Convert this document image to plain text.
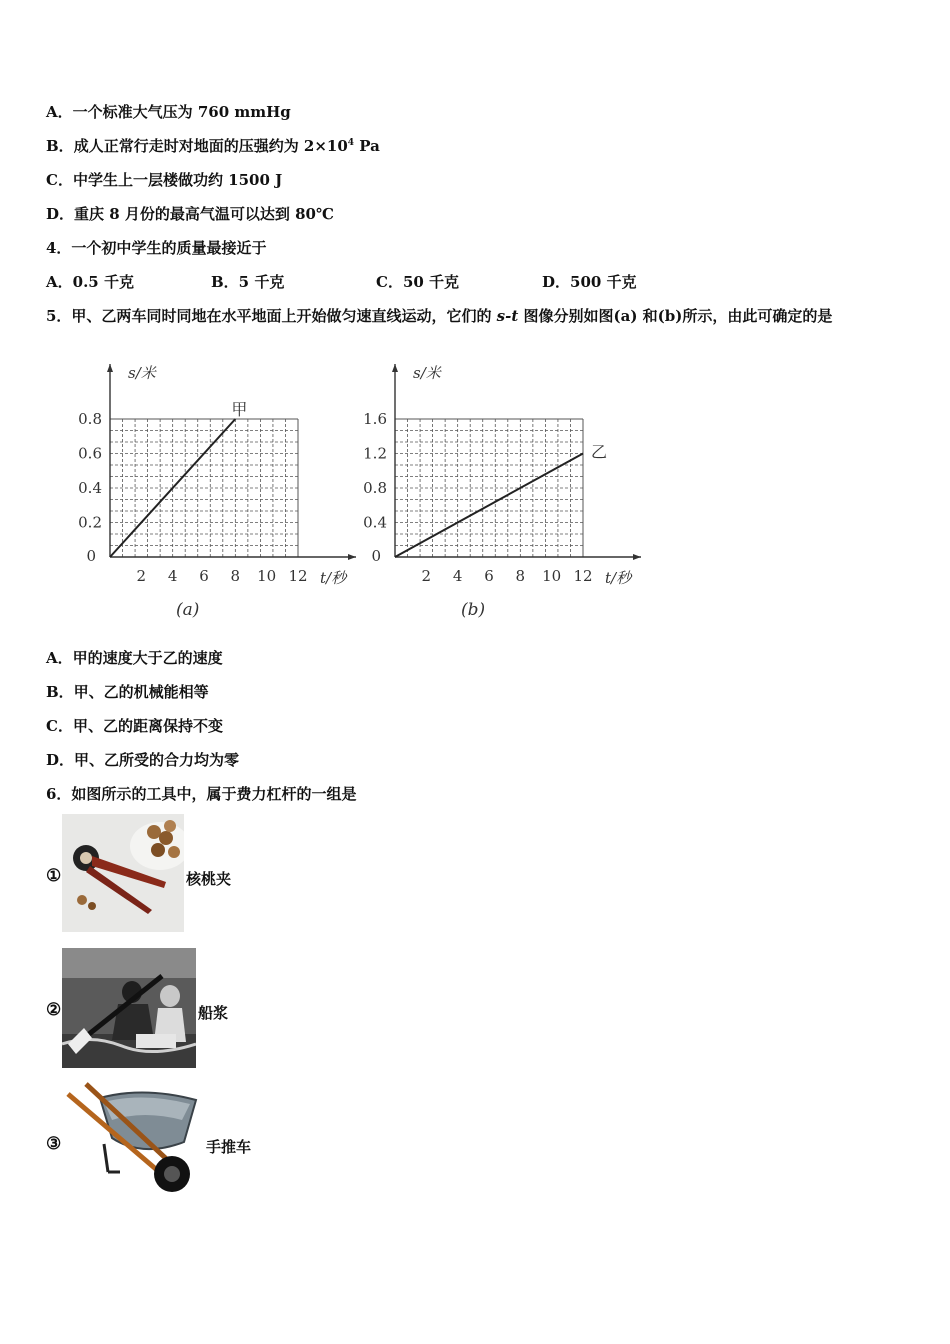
A．一个标准大气压为 760 mmHg
B．成人正常行走时对地面的压强约为 $2\times 10^4$ Pa
C．中学生上一层楼做功约 1500 J
D．重庆 8 月份的最高气温可以达到 80℃
4．一个初中学生的质量最接近于
A．0.5 千克	B．5 千克	C．50 千克	D．500 千克
5．甲、乙两车同时同地在水平地面上开始做匀速直线运动，它们的 s-t 图像分别如图(a) 和(b)所示，由此可确定的是
0.2
0.4
0.6
0.8
0
2 4 6 8 10 12
s/米
t/秒
甲
(a)
0.4
0.8
1.2
1.6
0
2 4 6 8 10 12
s/米
t/秒
乙
(b)
A．甲的速度大于乙的速度
B．甲、乙的机械能相等
C．甲、乙的距离保持不变
D．甲、乙所受的合力均为零
6．如图所示的工具中，属于费力杠杆的一组是
①	核桃夹
②	船浆
③	手推车
